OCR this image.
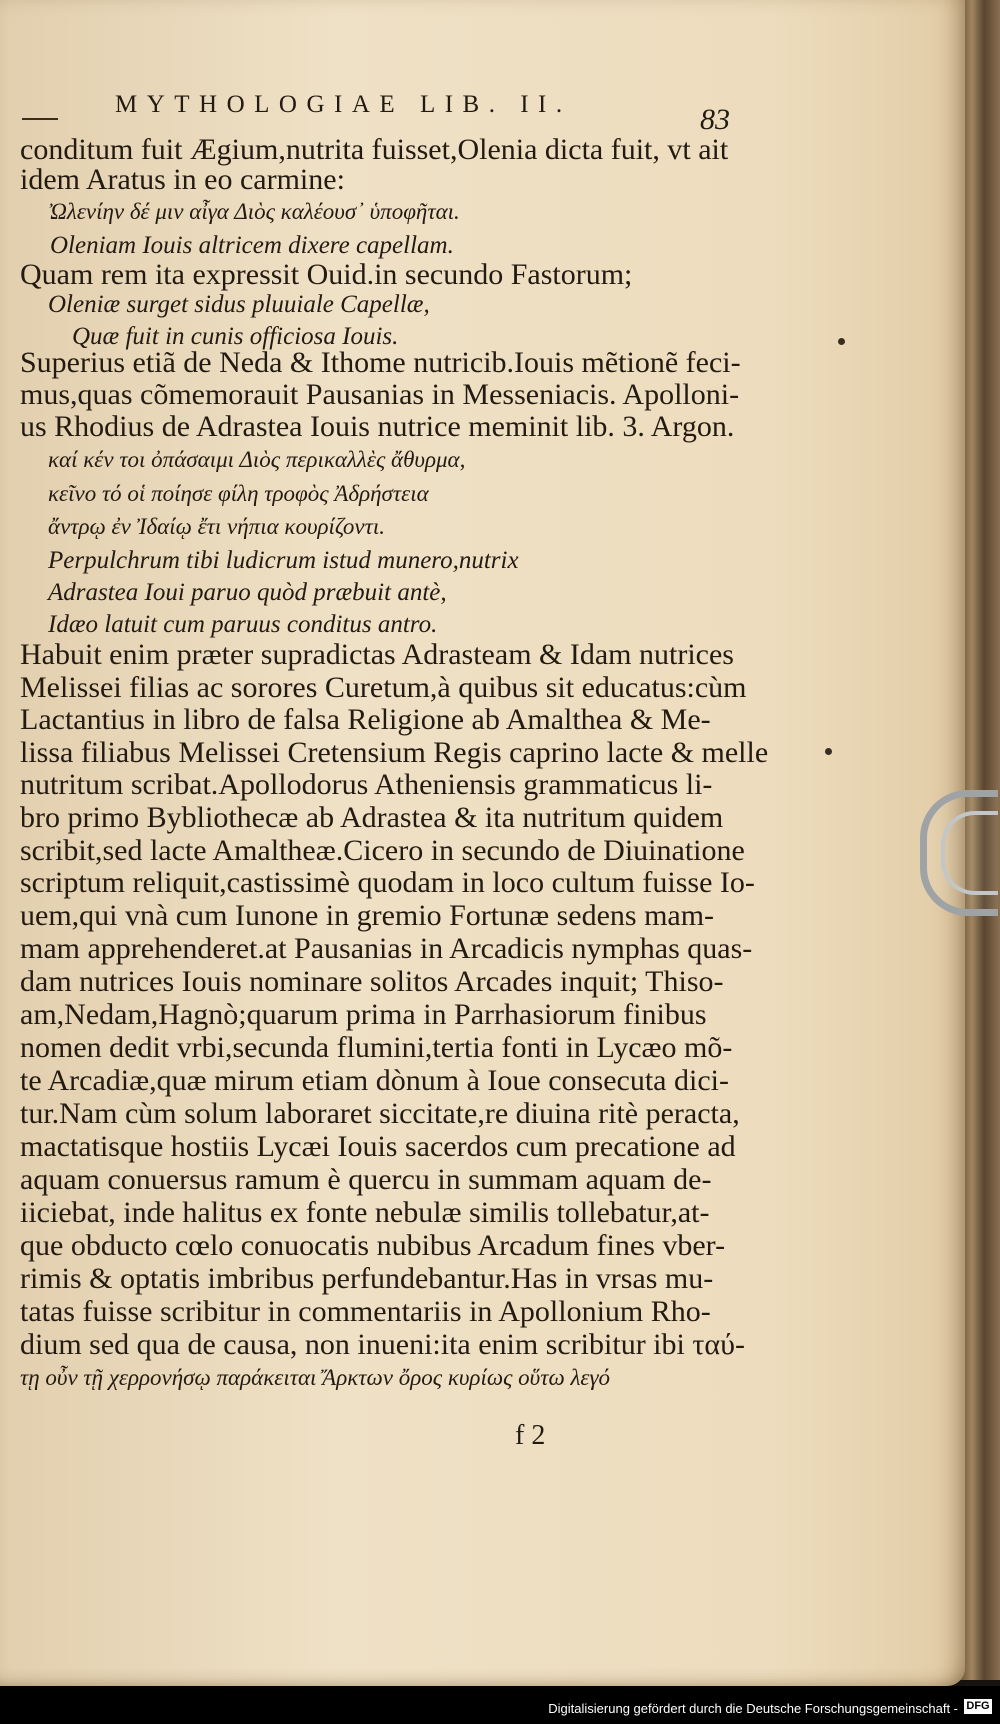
MYTHOLOGIAE LIB. II.
conditum fuit Ægium,nutrita fuisset,Olenia dicta fuit, vt ait
idem Aratus in eo carmine:
Ὠλενίην δέ μιν αἶγα Διὸς καλέουσ᾽ ὑποφῆται.
Oleniam Iouis altricem dixere capellam.
Quam rem ita expressit Ouid.in secundo Fastorum;
Oleniæ surget sidus pluuiale Capellæ,
Quæ fuit in cunis officiosa Iouis.
Superius etiã de Neda & Ithome nutricib.Iouis mẽtionẽ feci-
mus,quas cõmemorauit Pausanias in Messeniacis. Apolloni-
us Rhodius de Adrastea Iouis nutrice meminit lib. 3. Argon.
καί κέν τοι ὀπάσαιμι Διὸς περικαλλὲς ἄθυρμα,
κεῖνο τό οἱ ποίησε φίλη τροφὸς Ἀδρήστεια
ἄντρῳ ἐν Ἰδαίῳ ἔτι νήπια κουρίζοντι.
Perpulchrum tibi ludicrum istud munero,nutrix
Adrastea Ioui paruo quòd præbuit antè,
Idæo latuit cum paruus conditus antro.
Habuit enim præter supradictas Adrasteam & Idam nutrices
Melissei filias ac sorores Curetum,à quibus sit educatus:cùm
Lactantius in libro de falsa Religione ab Amalthea & Me-
lissa filiabus Melissei Cretensium Regis caprino lacte & melle
nutritum scribat.Apollodorus Atheniensis grammaticus li-
bro primo Bybliothecæ ab Adrastea & ita nutritum quidem
scribit,sed lacte Amaltheæ.Cicero in secundo de Diuinatione
scriptum reliquit,castissimè quodam in loco cultum fuisse Io-
uem,qui vnà cum Iunone in gremio Fortunæ sedens mam-
mam apprehenderet.at Pausanias in Arcadicis nymphas quas-
dam nutrices Iouis nominare solitos Arcades inquit; Thiso-
am,Nedam,Hagnò;quarum prima in Parrhasiorum finibus
nomen dedit vrbi,secunda flumini,tertia fonti in Lycæo mõ-
te Arcadiæ,quæ mirum etiam dònum à Ioue consecuta dici-
tur.Nam cùm solum laboraret siccitate,re diuina ritè peracta,
mactatisque hostiis Lycæi Iouis sacerdos cum precatione ad
aquam conuersus ramum è quercu in summam aquam de-
iiciebat, inde halitus ex fonte nebulæ similis tollebatur,at-
que obducto cœlo conuocatis nubibus Arcadum fines vber-
rimis & optatis imbribus perfundebantur.Has in vrsas mu-
tatas fuisse scribitur in commentariis in Apollonium Rho-
dium sed qua de causa, non inueni:ita enim scribitur ibi ταύ-
τῃ οὖν τῇ χερρονήσῳ παράκειται Ἄρκτων ὄρος κυρίως οὕτω λεγό
83
f 2
Digitalisierung gefördert durch die Deutsche Forschungsgemeinschaft - DFG
